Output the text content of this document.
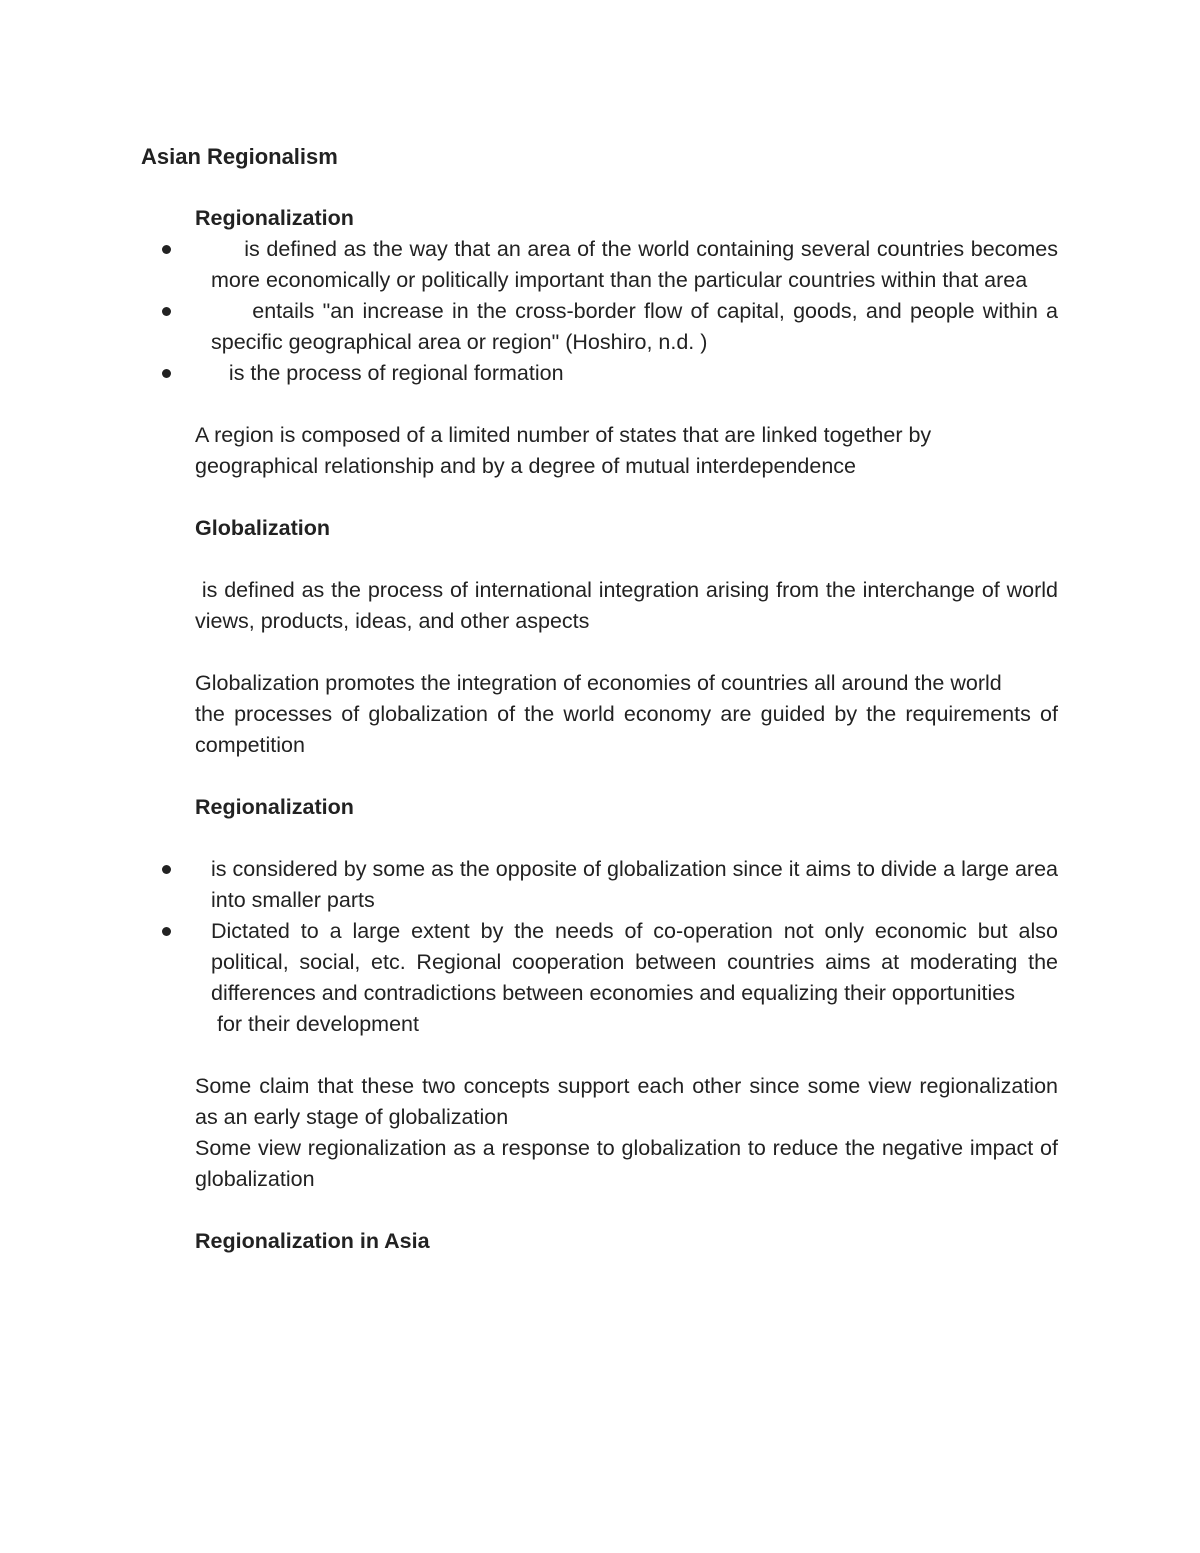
Asian Regionalism
Regionalization
is defined as the way that an area of the world containing several countries becomes more economically or politically important than the particular countries within that area
entails "an increase in the cross-border flow of capital, goods, and people within a specific geographical area or region" (Hoshiro, n.d. )
is the process of regional formation

A region is composed of a limited number of states that are linked together by geographical relationship and by a degree of mutual interdependence

Globalization

is defined as the process of international integration arising from the interchange of world views, products, ideas, and other aspects

Globalization promotes the integration of economies of countries all around the world

the processes of globalization of the world economy are guided by the requirements of competition

Regionalization
is considered by some as the opposite of globalization since it aims to divide a large area into smaller parts
Dictated to a large extent by the needs of co-operation not only economic but also political, social, etc. Regional cooperation between countries aims at moderating the differences and contradictions between economies and equalizing their opportunities
for their development

Some claim that these two concepts support each other since some view regionalization as an early stage of globalization

Some view regionalization as a response to globalization to reduce the negative impact of globalization

Regionalization in Asia
